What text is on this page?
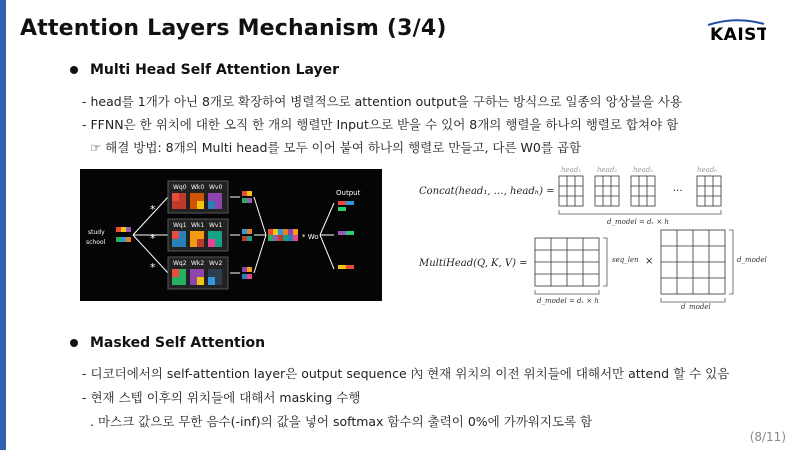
Attention Layers Mechanism (3/4)	KAIST
Multi Head Self Attention Layer
- head를 1개가 아닌 8개로 확장하여 병렬적으로 attention output을 구하는 방식으로 일종의 앙상블을 사용
- FFNN은 한 위치에 대한 오직 한 개의 행렬만 Input으로 받을 수 있어 8개의 행렬을 하나의 행렬로 합쳐야 함
☞ 해결 방법: 8개의 Multi head를 모두 이어 붙여 하나의 행렬로 만들고, 다른 W0를 곱함
study
school
*
*
*
Wq0 Wk0 Wv0
Wq1 Wk1 Wv1
Wq2 Wk2 Wv2
* Wo
Output	Concat(head₁, …, headₕ) =
head₁ head₂ head₃	headₕ
···
d_model = dᵥ × h
MultiHead(Q, K, V) =	seq_len ×
d_model = dᵥ × h
d_model
d_model
Masked Self Attention
- 디코더에서의 self-attention layer은 output sequence 內 현재 위치의 이전 위치들에 대해서만 attend 할 수 있음
- 현재 스텝 이후의 위치들에 대해서 masking 수행
. 마스크 값으로 무한 음수(-inf)의 값을 넣어 softmax 함수의 출력이 0%에 가까워지도록 함
(8/11)
